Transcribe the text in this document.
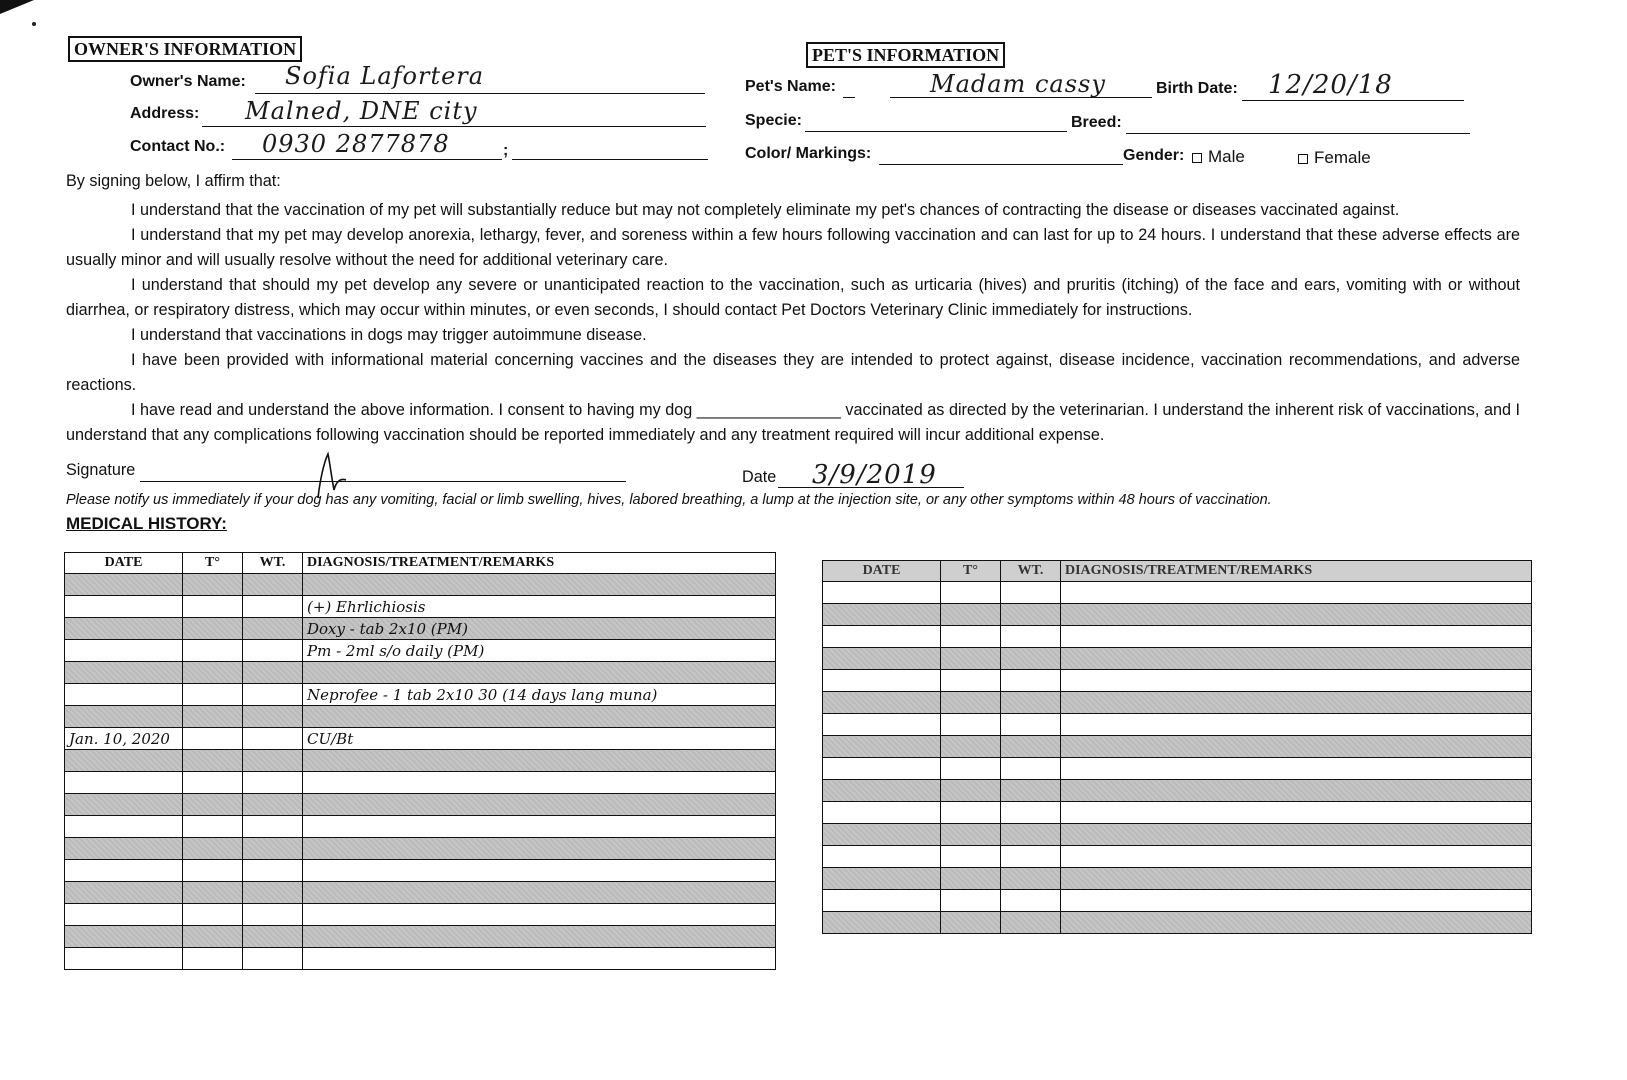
OWNER'S INFORMATION
Owner's Name: Sofia Lafortera
Address: Malned, DNE city
Contact No.: 0930 2877878	;
PET'S INFORMATION
Pet's Name:	Madam cassy	Birth Date: 12/20/18
Specie:	Breed:
Color/ Markings:	Gender:	Male	Female
By signing below, I affirm that:
I understand that the vaccination of my pet will substantially reduce but may not completely eliminate my pet's chances of contracting the disease or diseases vaccinated against.
I understand that my pet may develop anorexia, lethargy, fever, and soreness within a few hours following vaccination and can last for up to 24 hours. I understand that these adverse effects are usually minor and will usually resolve without the need for additional veterinary care.
I understand that should my pet develop any severe or unanticipated reaction to the vaccination, such as urticaria (hives) and pruritis (itching) of the face and ears, vomiting with or without diarrhea, or respiratory distress, which may occur within minutes, or even seconds, I should contact Pet Doctors Veterinary Clinic immediately for instructions.
I understand that vaccinations in dogs may trigger autoimmune disease.
I have been provided with informational material concerning vaccines and the diseases they are intended to protect against, disease incidence, vaccination recommendations, and adverse reactions.
I have read and understand the above information. I consent to having my dog ________________ vaccinated as directed by the veterinarian. I understand the inherent risk of vaccinations, and I understand that any complications following vaccination should be reported immediately and any treatment required will incur additional expense.
Signature	Date 3/9/2019
Please notify us immediately if your dog has any vomiting, facial or limb swelling, hives, labored breathing, a lump at the injection site, or any other symptoms within 48 hours of vaccination.
MEDICAL HISTORY:
DATE	T°	WT.	DIAGNOSIS/TREATMENT/REMARKS

			(+) Ehrlichiosis
			Doxy - tab 2x10 (PM)
			Pm - 2ml s/o daily (PM)

			Neprofee - 1 tab 2x10 30 (14 days lang muna)

Jan. 10, 2020			CU/Bt

DATE	T°	WT.	DIAGNOSIS/TREATMENT/REMARKS
